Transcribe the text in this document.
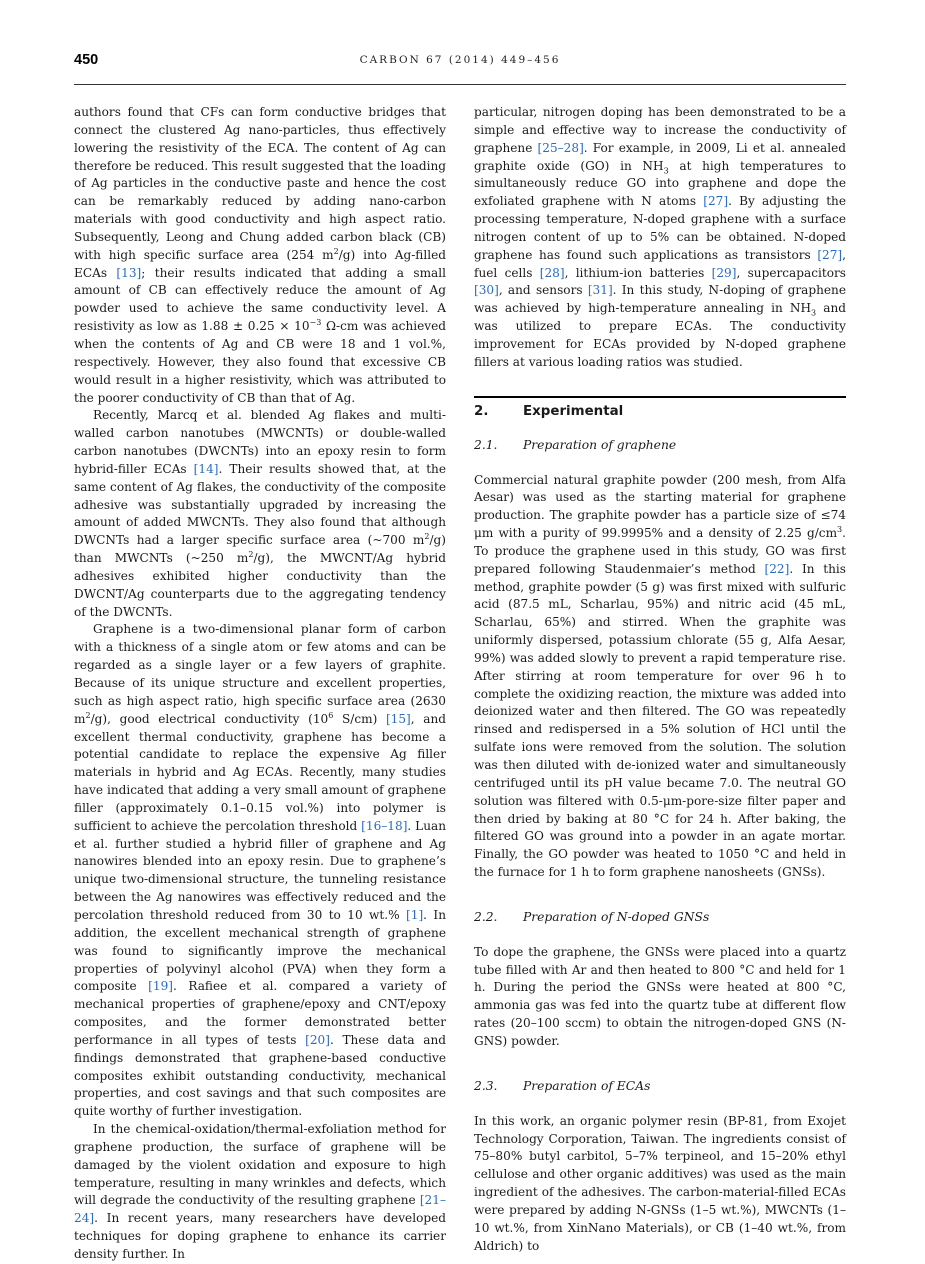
450	CARBON 67 (2014) 449–456

authors found that CFs can form conductive bridges that connect the clustered Ag nano-particles, thus effectively lowering the resistivity of the ECA. The content of Ag can therefore be reduced. This result suggested that the loading of Ag particles in the conductive paste and hence the cost can be remarkably reduced by adding nano-carbon materials with good conductivity and high aspect ratio. Subsequently, Leong and Chung added carbon black (CB) with high specific surface area (254 $m^2/g$) into Ag-filled ECAs [13]; their results indicated that adding a small amount of CB can effectively reduce the amount of Ag powder used to achieve the same conductivity level. A resistivity as low as $1.88 \pm 0.25 \times 10^{-3}$ Ω-cm was achieved when the contents of Ag and CB were 18 and 1 vol.%, respectively. However, they also found that excessive CB would result in a higher resistivity, which was attributed to the poorer conductivity of CB than that of Ag.

Recently, Marcq et al. blended Ag flakes and multi-walled carbon nanotubes (MWCNTs) or double-walled carbon nanotubes (DWCNTs) into an epoxy resin to form hybrid-filler ECAs [14]. Their results showed that, at the same content of Ag flakes, the conductivity of the composite adhesive was substantially upgraded by increasing the amount of added MWCNTs. They also found that although DWCNTs had a larger specific surface area (~700 $m^2/g$) than MWCNTs (~250 $m^2/g$), the MWCNT/Ag hybrid adhesives exhibited higher conductivity than the DWCNT/Ag counterparts due to the aggregating tendency of the DWCNTs.

Graphene is a two-dimensional planar form of carbon with a thickness of a single atom or few atoms and can be regarded as a single layer or a few layers of graphite. Because of its unique structure and excellent properties, such as high aspect ratio, high specific surface area (2630 $m^2/g$), good electrical conductivity ($10^6$ S/cm) [15], and excellent thermal conductivity, graphene has become a potential candidate to replace the expensive Ag filler materials in hybrid and Ag ECAs. Recently, many studies have indicated that adding a very small amount of graphene filler (approximately 0.1–0.15 vol.%) into polymer is sufficient to achieve the percolation threshold [16–18]. Luan et al. further studied a hybrid filler of graphene and Ag nanowires blended into an epoxy resin. Due to graphene’s unique two-dimensional structure, the tunneling resistance between the Ag nanowires was effectively reduced and the percolation threshold reduced from 30 to 10 wt.% [1]. In addition, the excellent mechanical strength of graphene was found to significantly improve the mechanical properties of polyvinyl alcohol (PVA) when they form a composite [19]. Rafiee et al. compared a variety of mechanical properties of graphene/epoxy and CNT/epoxy composites, and the former demonstrated better performance in all types of tests [20]. These data and findings demonstrated that graphene-based conductive composites exhibit outstanding conductivity, mechanical properties, and cost savings and that such composites are quite worthy of further investigation.

In the chemical-oxidation/thermal-exfoliation method for graphene production, the surface of graphene will be damaged by the violent oxidation and exposure to high temperature, resulting in many wrinkles and defects, which will degrade the conductivity of the resulting graphene [21–24]. In recent years, many researchers have developed techniques for doping graphene to enhance its carrier density further. In

particular, nitrogen doping has been demonstrated to be a simple and effective way to increase the conductivity of graphene [25–28]. For example, in 2009, Li et al. annealed graphite oxide (GO) in $NH_3$ at high temperatures to simultaneously reduce GO into graphene and dope the exfoliated graphene with N atoms [27]. By adjusting the processing temperature, N-doped graphene with a surface nitrogen content of up to 5% can be obtained. N-doped graphene has found such applications as transistors [27], fuel cells [28], lithium-ion batteries [29], supercapacitors [30], and sensors [31]. In this study, N-doping of graphene was achieved by high-temperature annealing in $NH_3$ and was utilized to prepare ECAs. The conductivity improvement for ECAs provided by N-doped graphene fillers at various loading ratios was studied.

2.	Experimental
2.1. Preparation of graphene

Commercial natural graphite powder (200 mesh, from Alfa Aesar) was used as the starting material for graphene production. The graphite powder has a particle size of ≤74 μm with a purity of 99.9995% and a density of 2.25 $g/cm^3$. To produce the graphene used in this study, GO was first prepared following Staudenmaier’s method [22]. In this method, graphite powder (5 g) was first mixed with sulfuric acid (87.5 mL, Scharlau, 95%) and nitric acid (45 mL, Scharlau, 65%) and stirred. When the graphite was uniformly dispersed, potassium chlorate (55 g, Alfa Aesar, 99%) was added slowly to prevent a rapid temperature rise. After stirring at room temperature for over 96 h to complete the oxidizing reaction, the mixture was added into deionized water and then filtered. The GO was repeatedly rinsed and redispersed in a 5% solution of HCl until the sulfate ions were removed from the solution. The solution was then diluted with de-ionized water and simultaneously centrifuged until its pH value became 7.0. The neutral GO solution was filtered with 0.5-μm-pore-size filter paper and then dried by baking at 80 °C for 24 h. After baking, the filtered GO was ground into a powder in an agate mortar. Finally, the GO powder was heated to 1050 °C and held in the furnace for 1 h to form graphene nanosheets (GNSs).

2.2. Preparation of N-doped GNSs

To dope the graphene, the GNSs were placed into a quartz tube filled with Ar and then heated to 800 °C and held for 1 h. During the period the GNSs were heated at 800 °C, ammonia gas was fed into the quartz tube at different flow rates (20–100 sccm) to obtain the nitrogen-doped GNS (N-GNS) powder.

2.3. Preparation of ECAs

In this work, an organic polymer resin (BP-81, from Exojet Technology Corporation, Taiwan. The ingredients consist of 75–80% butyl carbitol, 5–7% terpineol, and 15–20% ethyl cellulose and other organic additives) was used as the main ingredient of the adhesives. The carbon-material-filled ECAs were prepared by adding N-GNSs (1–5 wt.%), MWCNTs (1–10 wt.%, from XinNano Materials), or CB (1–40 wt.%, from Aldrich) to
